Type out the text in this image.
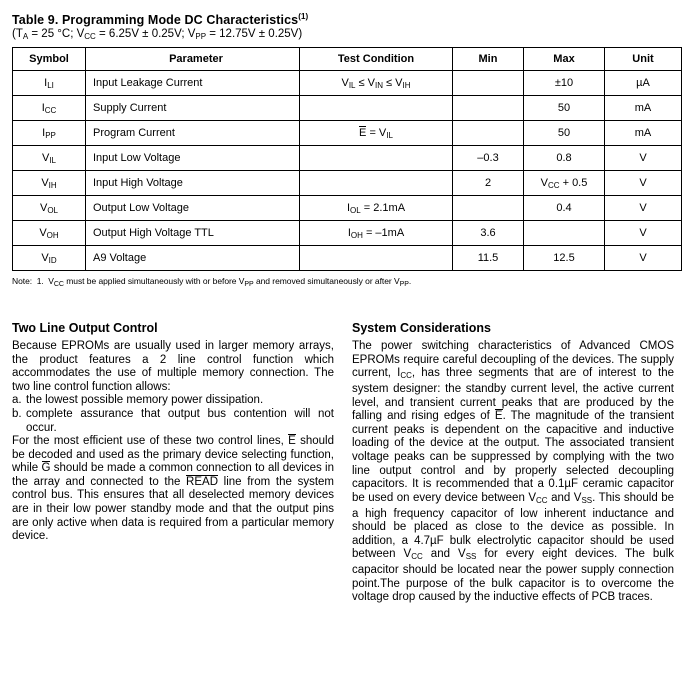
Table 9. Programming Mode DC Characteristics$^{(1)}$
($T_A = 25$ °C; $V_{CC} = 6.25V \pm 0.25V$; $V_{PP} = 12.75V \pm 0.25V$)
Symbol	Parameter	Test Condition	Min	Max	Unit
$I_{LI}$	Input Leakage Current	$V_{IL} \le V_{IN} \le V_{IH}$		±10	µA
$I_{CC}$	Supply Current			50	mA
$I_{PP}$	Program Current	$E = V_{IL}$		50	mA
$V_{IL}$	Input Low Voltage		–0.3	0.8	V
$V_{IH}$	Input High Voltage		2	$V_{CC} + 0.5$	V
$V_{OL}$	Output Low Voltage	$I_{OL} = 2.1mA$		0.4	V
$V_{OH}$	Output High Voltage TTL	$I_{OH} = -1mA$	3.6		V
$V_{ID}$	A9 Voltage		11.5	12.5	V
Note:  1.  $V_{CC}$ must be applied simultaneously with or before $V_{PP}$ and removed simultaneously or after $V_{PP}$.
Two Line Output Control

Because EPROMs are usually used in larger memory arrays, the product features a 2 line control function which accommodates the use of multiple memory connection. The two line control function allows:

a. the lowest possible memory power dissipation.
b. complete assurance that output bus contention will not occur.

For the most efficient use of these two control lines, E should be decoded and used as the primary device selecting function, while G should be made a common connection to all devices in the array and connected to the READ line from the system control bus. This ensures that all deselected memory devices are in their low power standby mode and that the output pins are only active when data is required from a particular memory device.

System Considerations

The power switching characteristics of Advanced CMOS EPROMs require careful decoupling of the devices. The supply current, $I_{CC}$, has three segments that are of interest to the system designer: the standby current level, the active current level, and transient current peaks that are produced by the falling and rising edges of E. The magnitude of the transient current peaks is dependent on the capacitive and inductive loading of the device at the output. The associated transient voltage peaks can be suppressed by complying with the two line output control and by properly selected decoupling capacitors. It is recommended that a 0.1µF ceramic capacitor be used on every device between $V_{CC}$ and $V_{SS}$. This should be a high frequency capacitor of low inherent inductance and should be placed as close to the device as possible. In addition, a 4.7µF bulk electrolytic capacitor should be used between $V_{CC}$ and $V_{SS}$ for every eight devices. The bulk capacitor should be located near the power supply connection point.The purpose of the bulk capacitor is to overcome the voltage drop caused by the inductive effects of PCB traces.
